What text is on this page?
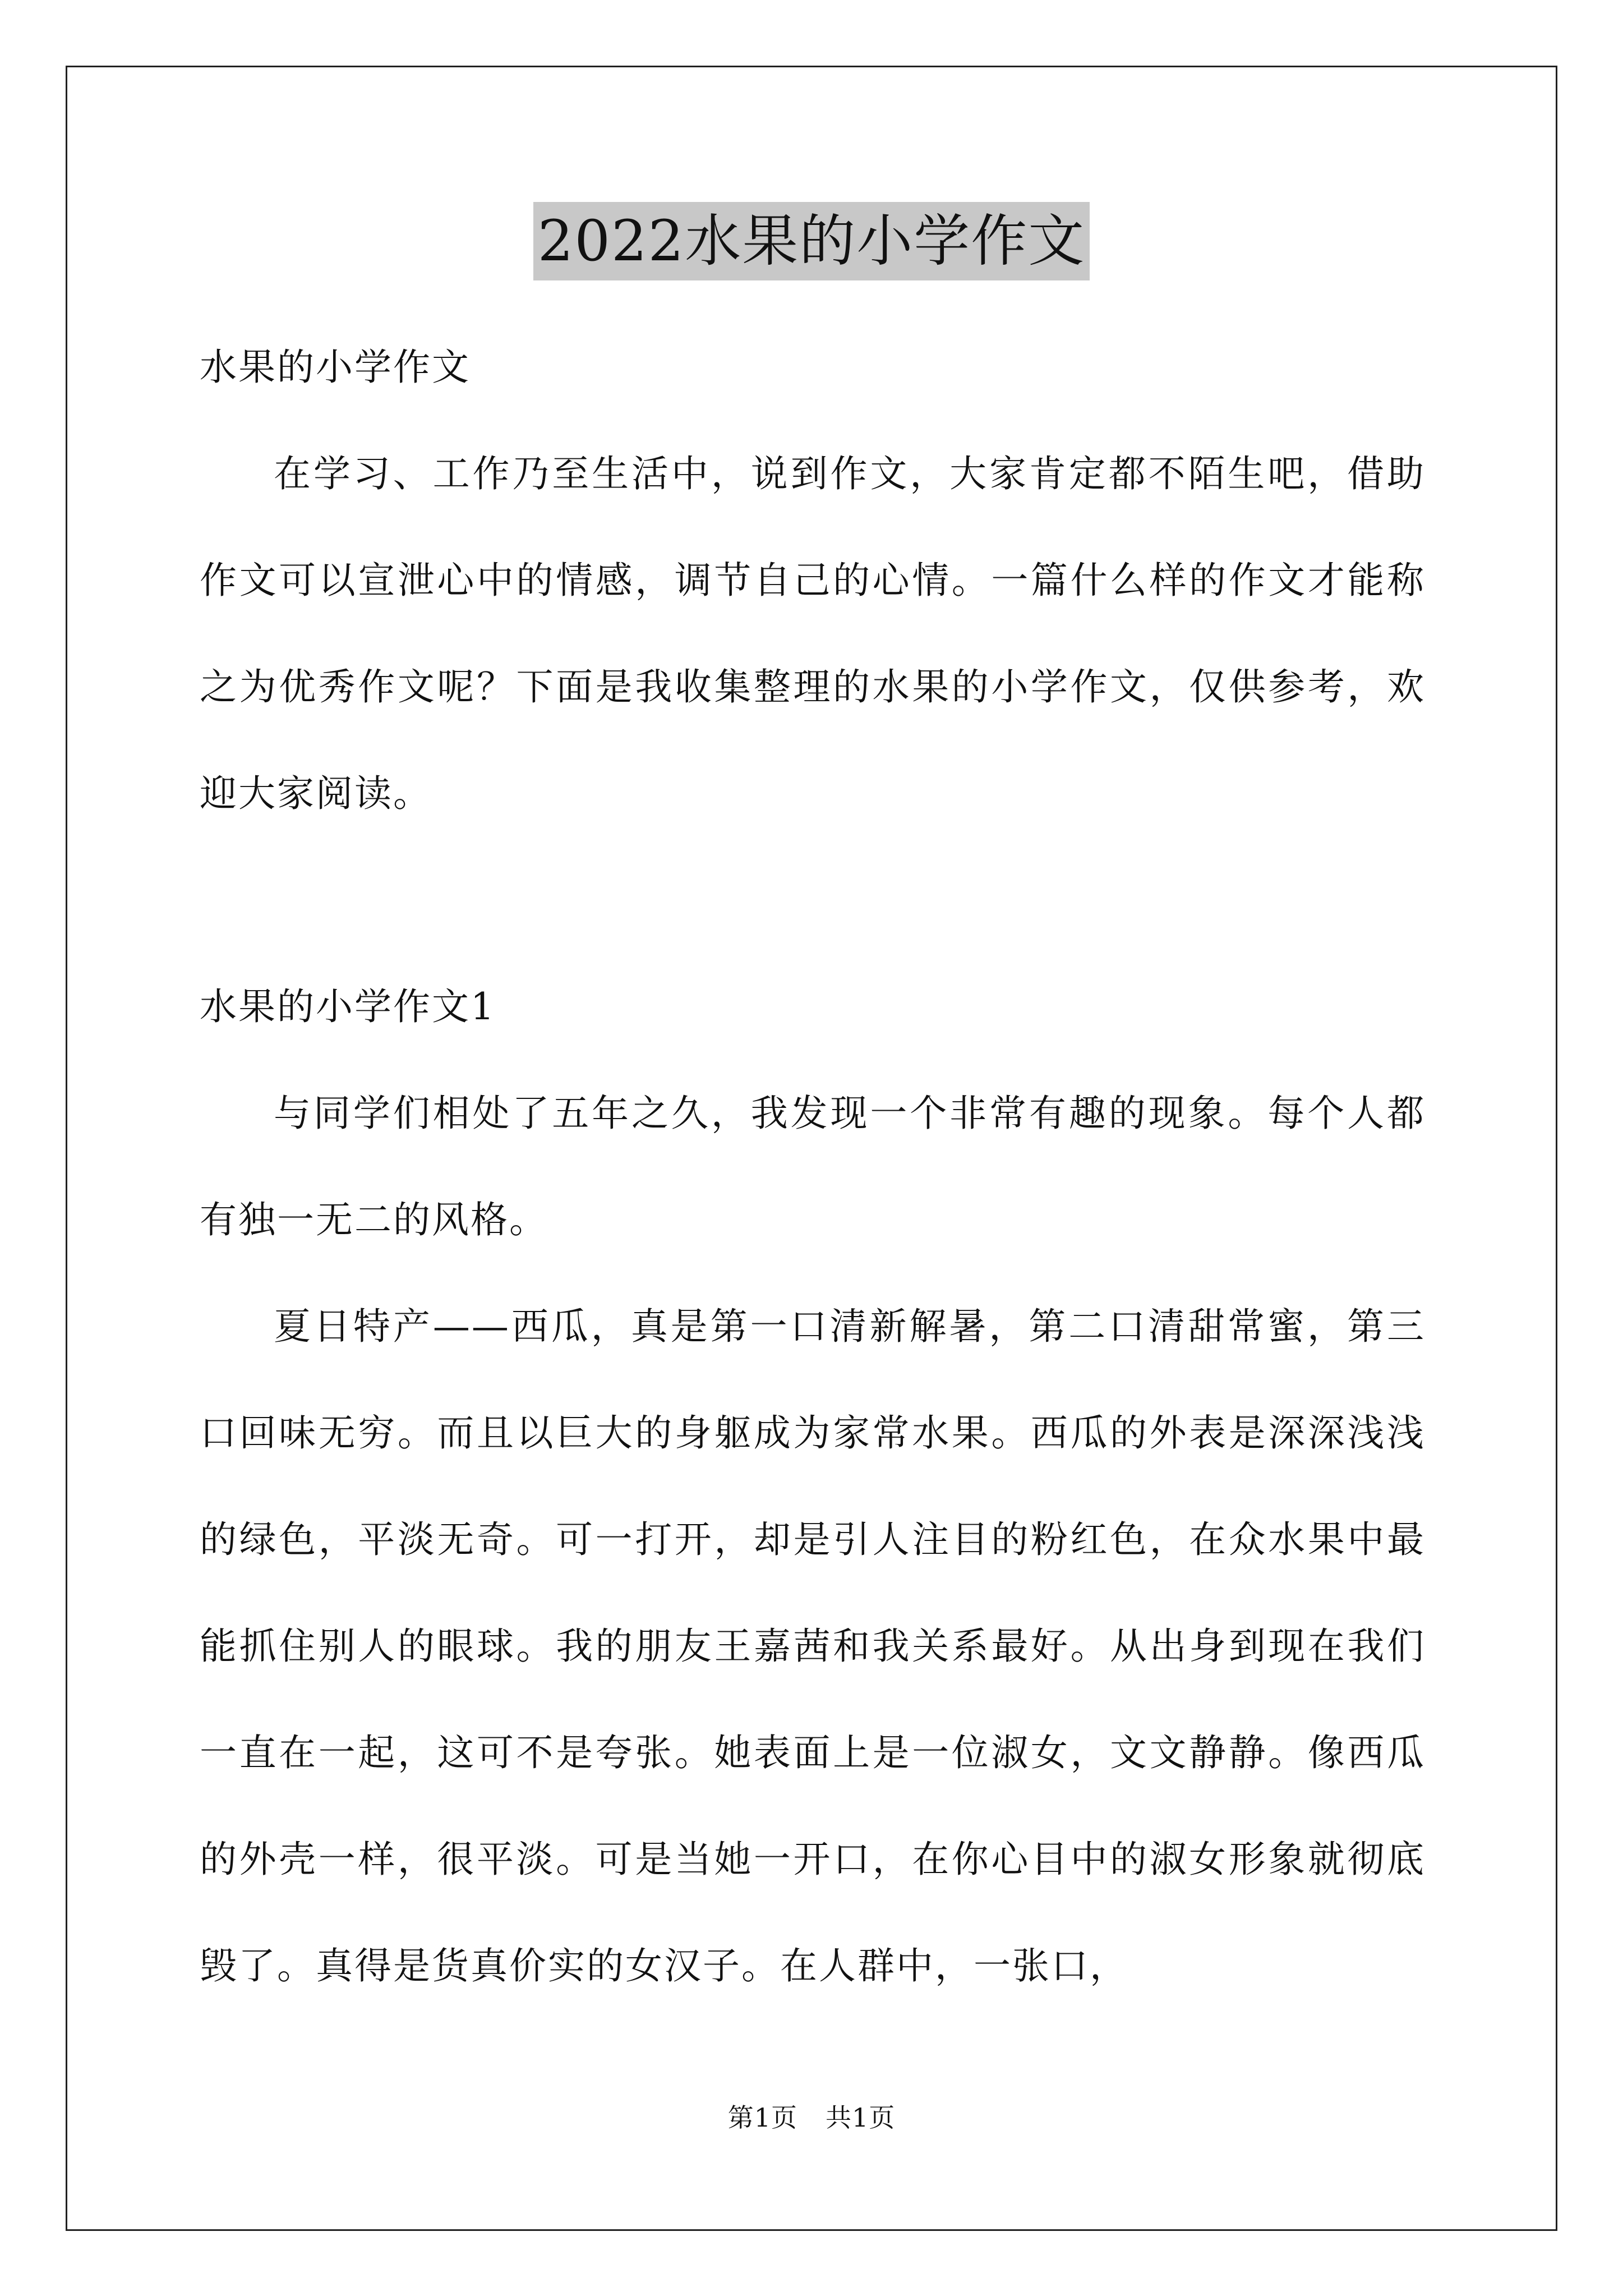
2022水果的小学作文

水果的小学作文

在学习、工作乃至生活中，说到作文，大家肯定都不陌生吧，借助作文可以宣泄心中的情感，调节自己的心情。一篇什么样的作文才能称之为优秀作文呢？下面是我收集整理的水果的小学作文，仅供参考，欢迎大家阅读。

水果的小学作文1

与同学们相处了五年之久，我发现一个非常有趣的现象。每个人都有独一无二的风格。

夏日特产——西瓜，真是第一口清新解暑，第二口清甜常蜜，第三口回味无穷。而且以巨大的身躯成为家常水果。西瓜的外表是深深浅浅的绿色，平淡无奇。可一打开，却是引人注目的粉红色，在众水果中最能抓住别人的眼球。我的朋友王嘉茜和我关系最好。从出身到现在我们一直在一起，这可不是夸张。她表面上是一位淑女，文文静静。像西瓜的外壳一样，很平淡。可是当她一开口，在你心目中的淑女形象就彻底毁了。真得是货真价实的女汉子。在人群中，一张口，

第1页 共1页
